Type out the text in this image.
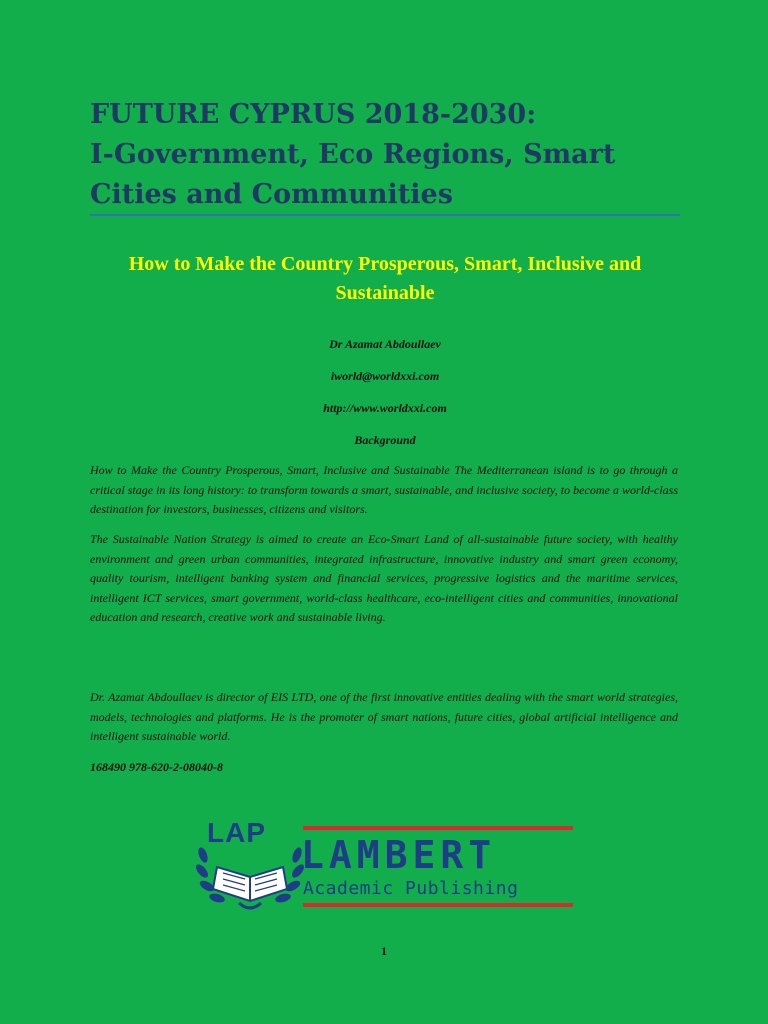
FUTURE CYPRUS 2018-2030:
I-Government, Eco Regions, Smart
Cities and Communities

How to Make the Country Prosperous, Smart, Inclusive and Sustainable

Dr Azamat Abdoullaev

iworld@worldxxi.com

http://www.worldxxi.com

Background

How to Make the Country Prosperous, Smart, Inclusive and Sustainable The Mediterranean island is to go through a critical stage in its long history: to transform towards a smart, sustainable, and inclusive society, to become a world-class destination for investors, businesses, citizens and visitors.

The Sustainable Nation Strategy is aimed to create an Eco-Smart Land of all-sustainable future society, with healthy environment and green urban communities, integrated infrastructure, innovative industry and smart green economy, quality tourism, intelligent banking system and financial services, progressive logistics and the maritime services, intelligent ICT services, smart government, world-class healthcare, eco-intelligent cities and communities, innovational education and research, creative work and sustainable living.

Dr. Azamat Abdoullaev is director of EIS LTD, one of the first innovative entities dealing with the smart world strategies, models, technologies and platforms. He is the promoter of smart nations, future cities, global artificial intelligence and intelligent sustainable world.

168490 978-620-2-08040-8

LAP
LAMBERT
Academic Publishing

1
